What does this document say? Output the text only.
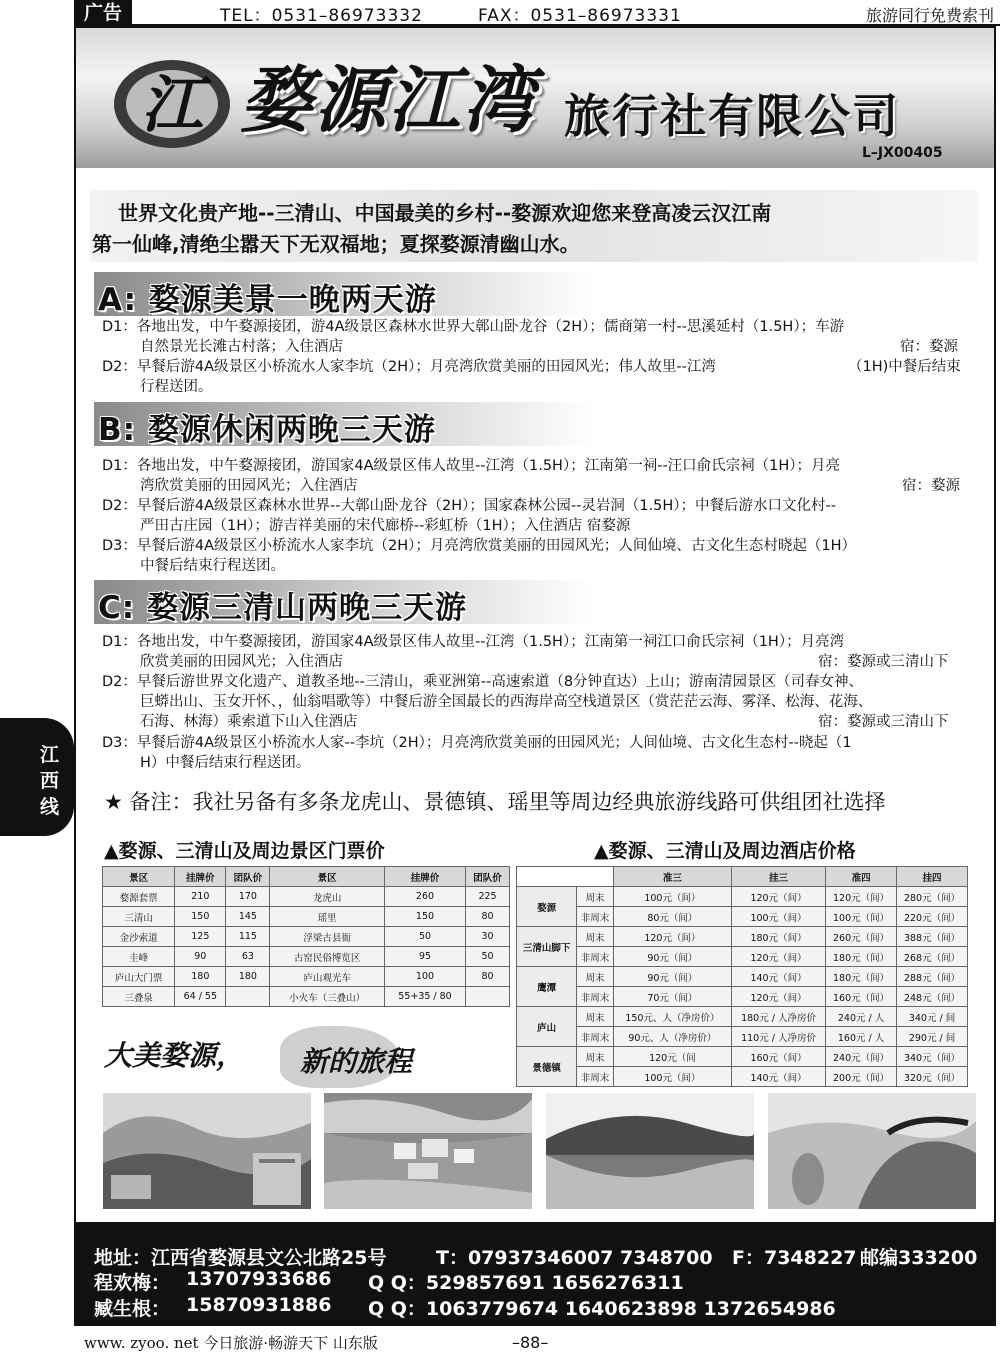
广告	TEL：0531–86973332	FAX：0531–86973331	旅游同行免费索刊
江 婺源江湾 旅行社有限公司
L–JX00405
世界文化贵产地--三清山、中国最美的乡村--婺源欢迎您来登高凌云汉江南
第一仙峰,清绝尘嚣天下无双福地；夏探婺源清幽山水。
A: 婺源美景一晚两天游
D1：各地出发，中午婺源接团，游4A级景区森林水世界大鄣山卧龙谷（2H）；儒商第一村--思溪延村（1.5H）；车游
自然景光长滩古村落；入住酒店	宿：婺源
D2：早餐后游4A级景区小桥流水人家李坑（2H）；月亮湾欣赏美丽的田园风光；伟人故里--江湾	（1H)中餐后结束
行程送团。
B: 婺源休闲两晚三天游
D1：各地出发，中午婺源接团，游国家4A级景区伟人故里--江湾（1.5H）；江南第一祠--汪口俞氏宗祠（1H）；月亮
湾欣赏美丽的田园风光；入住酒店	宿：婺源
D2：早餐后游4A级景区森林水世界--大鄣山卧龙谷（2H）；国家森林公园--灵岩洞（1.5H）；中餐后游水口文化村--
严田古庄园（1H）；游吉祥美丽的宋代廊桥--彩虹桥（1H）；入住酒店 宿婺源
D3：早餐后游4A级景区小桥流水人家李坑（2H）；月亮湾欣赏美丽的田园风光；人间仙境、古文化生态村晓起（1H）
中餐后结束行程送团。
C: 婺源三清山两晚三天游
D1：各地出发，中午婺源接团，游国家4A级景区伟人故里--江湾（1.5H）；江南第一祠江口俞氏宗祠（1H）；月亮湾
欣赏美丽的田园风光；入住酒店	宿：婺源或三清山下
D2：早餐后游世界文化遗产、道教圣地--三清山，乘亚洲第--高速索道（8分钟直达）上山；游南清园景区（司春女神、
巨蟒出山、玉女开怀、，仙翁唱歌等）中餐后游全国最长的西海岸高空栈道景区（赏茫茫云海、雾泽、松海、花海、
石海、林海）乘索道下山入住酒店	宿：婺源或三清山下
D3：早餐后游4A级景区小桥流水人家--李坑（2H）；月亮湾欣赏美丽的田园风光；人间仙境、古文化生态村--晓起（1
H）中餐后结束行程送团。
江
西
线 ★ 备注：我社另备有多条龙虎山、景德镇、瑶里等周边经典旅游线路可供组团社选择
▲婺源、三清山及周边景区门票价
景区	挂牌价	团队价	景区	挂牌价	团队价
婺源套票	210	170	龙虎山	260	225
三清山	150	145	瑶里	150	80
金沙索道	125	115	浮梁古县衙	50	30
圭峰	90	63	古窑民俗博览区	95	50
庐山大门票	180	180	庐山观光车	100	80
三叠泉	64 / 55		小火车（三叠山）	55+35 / 80	
▲婺源、三清山及周边酒店价格
		准三	挂三	准四	挂四
婺源	周末	100元（间）	120元（间）	120元（间）	280元（间）
	非周末	80元（间）	100元（间）	100元（间）	220元（间）
三清山脚下	周末	120元（间）	180元（间）	260元（间）	388元（间）
	非周末	90元（间）	120元（间）	180元（间）	268元（间）
鹰潭	周末	90元（间）	140元（间）	180元（间）	288元（间）
	非周末	70元（间）	120元（间）	160元（间）	248元（间）
庐山	周末	150元、人（净房价）	180元 / 人净房价	240元 / 人	340元 / 间
	非周末	90元、人（净房价）	110元 / 人净房价	160元 / 人	290元 / 间
景德镇	周末	120元（间	160元（间）	240元（间）	340元（间）
	非周末	100元（间）	140元（间）	200元（间）	320元（间）
大美婺源， 新的旅程
地址：江西省婺源县文公北路25号	T：07937346007 7348700 F：7348227 邮编333200
程欢梅： 13707933686 Q Q：529857691 1656276311
臧生根： 15870931886 Q Q：1063779674 1640623898 1372654986
www. zyoo. net 今日旅游·畅游天下 山东版	–88–
